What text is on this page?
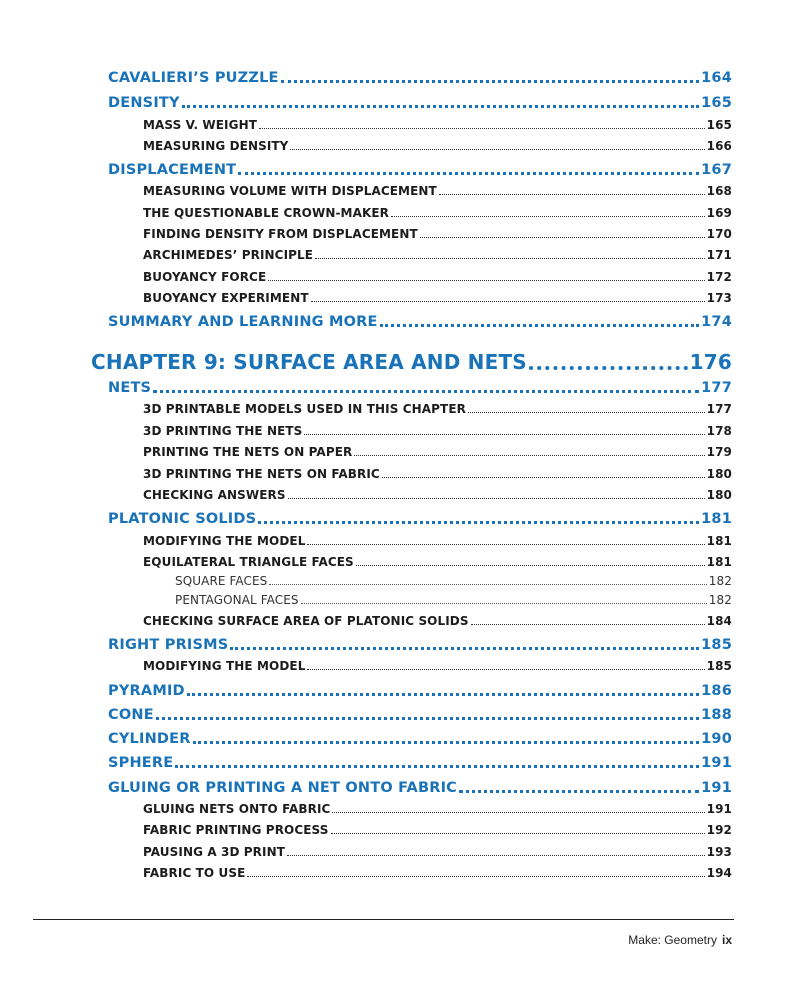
CAVALIERI’S PUZZLE	164
DENSITY	165
MASS V. WEIGHT	165
MEASURING DENSITY	166
DISPLACEMENT	167
MEASURING VOLUME WITH DISPLACEMENT	168
THE QUESTIONABLE CROWN-MAKER	169
FINDING DENSITY FROM DISPLACEMENT	170
ARCHIMEDES’ PRINCIPLE	171
BUOYANCY FORCE	172
BUOYANCY EXPERIMENT	173
SUMMARY AND LEARNING MORE	174
CHAPTER 9: SURFACE AREA AND NETS	176
NETS	177
3D PRINTABLE MODELS USED IN THIS CHAPTER	177
3D PRINTING THE NETS	178
PRINTING THE NETS ON PAPER	179
3D PRINTING THE NETS ON FABRIC	180
CHECKING ANSWERS	180
PLATONIC SOLIDS	181
MODIFYING THE MODEL	181
EQUILATERAL TRIANGLE FACES	181
SQUARE FACES	182
PENTAGONAL FACES	182
CHECKING SURFACE AREA OF PLATONIC SOLIDS	184
RIGHT PRISMS	185
MODIFYING THE MODEL	185
PYRAMID	186
CONE	188
CYLINDER	190
SPHERE	191
GLUING OR PRINTING A NET ONTO FABRIC	191
GLUING NETS ONTO FABRIC	191
FABRIC PRINTING PROCESS	192
PAUSING A 3D PRINT	193
FABRIC TO USE	194
Make: Geometry ix
